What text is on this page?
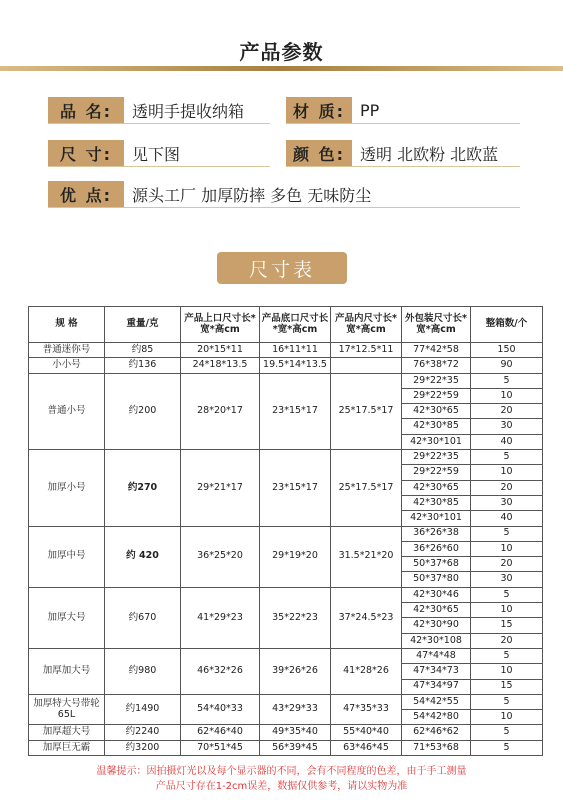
产品参数
品 名:	透明手提收纳箱	材 质: PP
尺 寸:	见下图	颜 色: 透明 北欧粉 北欧蓝
优 点:	源头工厂 加厚防摔 多色 无味防尘
尺寸表
规 格	重量/克	产品上口尺寸长*宽*高cm	产品底口尺寸长*宽*高cm	产品内尺寸长*宽*高cm	外包装尺寸长*宽*高cm	整箱数/个
普通迷你号	约85	20*15*11	16*11*11	17*12.5*11	77*42*58	150
小小号	约136	24*18*13.5	19.5*14*13.5		76*38*72	90
普通小号	约200	28*20*17	23*15*17	25*17.5*17	29*22*35	5
					29*22*59	10
					42*30*65	20
					42*30*85	30
					42*30*101	40
加厚小号	约270	29*21*17	23*15*17	25*17.5*17	29*22*35	5
					29*22*59	10
					42*30*65	20
					42*30*85	30
					42*30*101	40
加厚中号	约 420	36*25*20	29*19*20	31.5*21*20	36*26*38	5
					36*26*60	10
					50*37*68	20
					50*37*80	30
加厚大号	约670	41*29*23	35*22*23	37*24.5*23	42*30*46	5
					42*30*65	10
					42*30*90	15
					42*30*108	20
加厚加大号	约980	46*32*26	39*26*26	41*28*26	47*4*48	5
					47*34*73	10
					47*34*97	15
加厚特大号带轮65L	约1490	54*40*33	43*29*33	47*35*33	54*42*55	5
					54*42*80	10
加厚超大号	约2240	62*46*40	49*35*40	55*40*40	62*46*62	5
加厚巨无霸	约3200	70*51*45	56*39*45	63*46*45	71*53*68	5
温馨提示：因拍摄灯光以及每个显示器的不同，会有不同程度的色差，由于手工测量
产品尺寸存在1-2cm误差，数据仅供参考，请以实物为准
